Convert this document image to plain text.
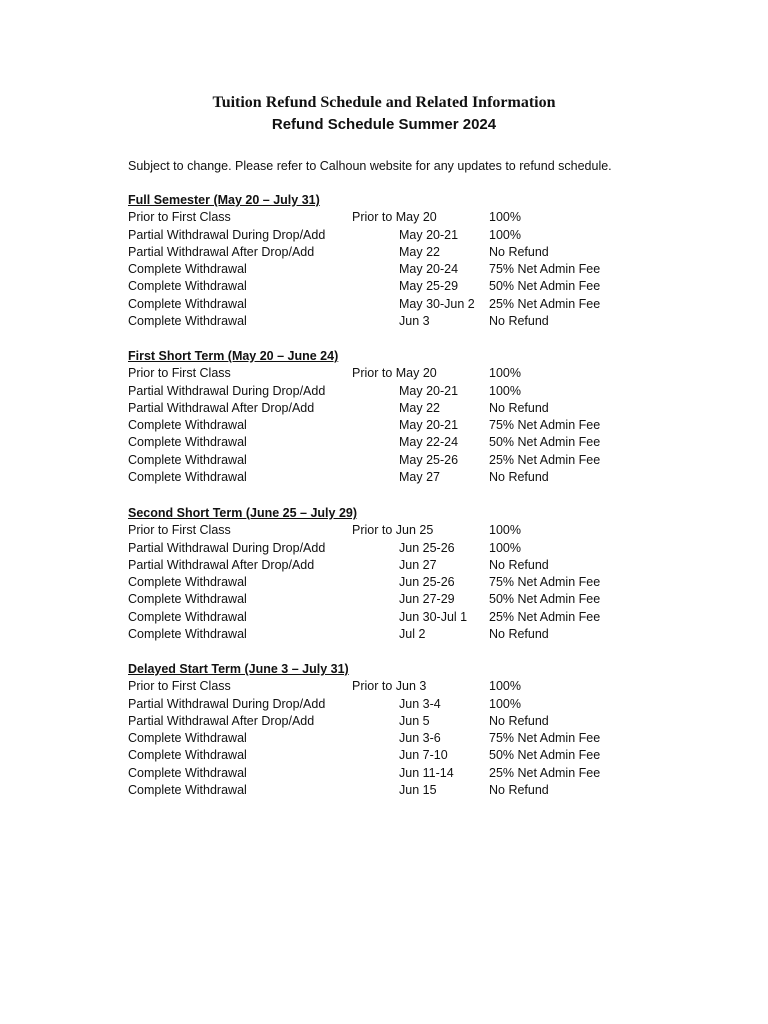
Tuition Refund Schedule and Related Information
Refund Schedule Summer 2024
Subject to change. Please refer to Calhoun website for any updates to refund schedule.
Full Semester (May 20 – July 31)
Prior to First Class	Prior to May 20	100%
Partial Withdrawal During Drop/Add	May 20-21 100%
Partial Withdrawal After Drop/Add	May 22	No Refund
Complete Withdrawal	May 20-24 75% Net Admin Fee
Complete Withdrawal	May 25-29 50% Net Admin Fee
Complete Withdrawal	May 30-Jun 2 25% Net Admin Fee
Complete Withdrawal	Jun 3	No Refund
First Short Term (May 20 – June 24)
Prior to First Class	Prior to May 20	100%
Partial Withdrawal During Drop/Add	May 20-21 100%
Partial Withdrawal After Drop/Add	May 22	No Refund
Complete Withdrawal	May 20-21 75% Net Admin Fee
Complete Withdrawal	May 22-24 50% Net Admin Fee
Complete Withdrawal	May 25-26 25% Net Admin Fee
Complete Withdrawal	May 27	No Refund
Second Short Term (June 25 – July 29)
Prior to First Class	Prior to Jun 25	100%
Partial Withdrawal During Drop/Add	Jun 25-26	100%
Partial Withdrawal After Drop/Add	Jun 27	No Refund
Complete Withdrawal	Jun 25-26	75% Net Admin Fee
Complete Withdrawal	Jun 27-29	50% Net Admin Fee
Complete Withdrawal	Jun 30-Jul 1 25% Net Admin Fee
Complete Withdrawal	Jul 2	No Refund
Delayed Start Term (June 3 – July 31)
Prior to First Class	Prior to Jun 3	100%
Partial Withdrawal During Drop/Add	Jun 3-4	100%
Partial Withdrawal After Drop/Add	Jun 5	No Refund
Complete Withdrawal	Jun 3-6	75% Net Admin Fee
Complete Withdrawal	Jun 7-10	50% Net Admin Fee
Complete Withdrawal	Jun 11-14	25% Net Admin Fee
Complete Withdrawal	Jun 15	No Refund
